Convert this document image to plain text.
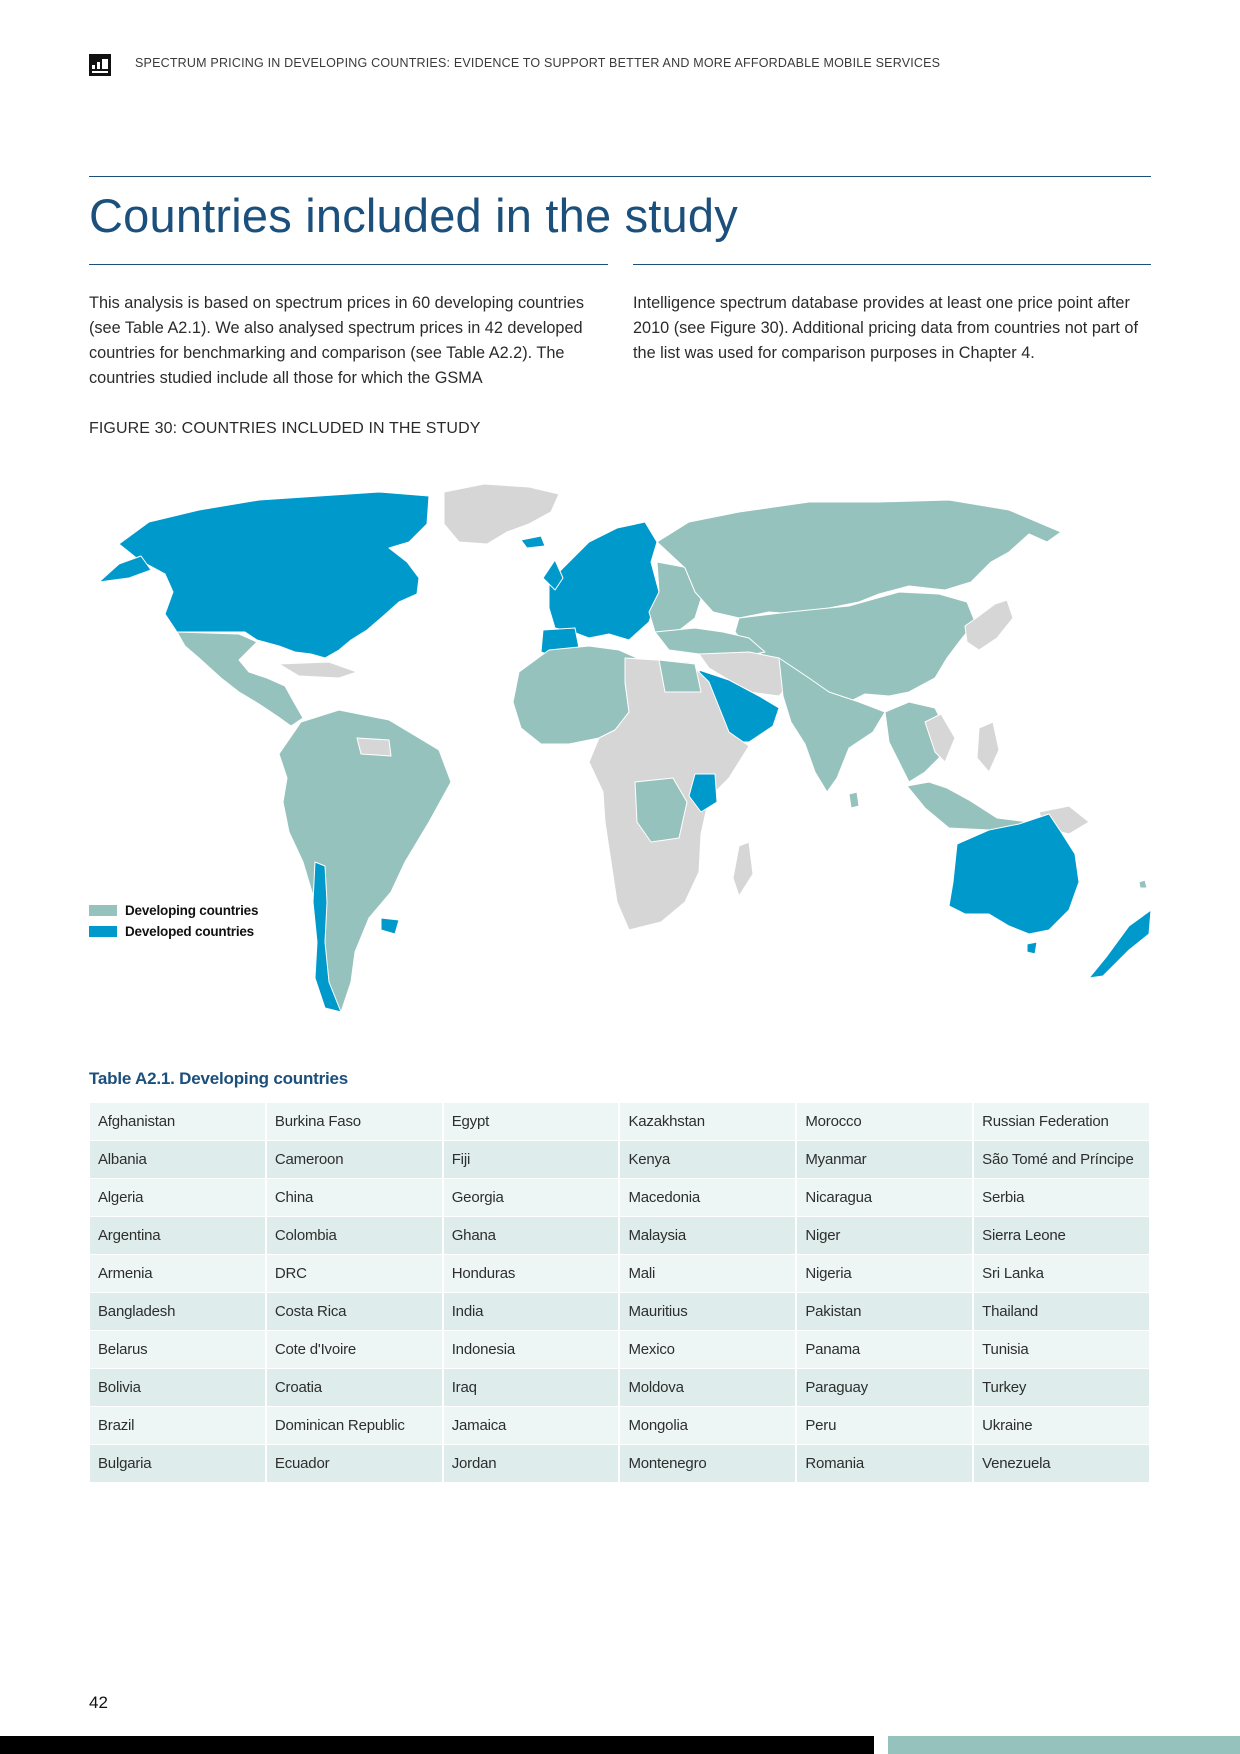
SPECTRUM PRICING IN DEVELOPING COUNTRIES: EVIDENCE TO SUPPORT BETTER AND MORE AFFORDABLE MOBILE SERVICES
Countries included in the study

This analysis is based on spectrum prices in 60 developing countries (see Table A2.1). We also analysed spectrum prices in 42 developed countries for benchmarking and comparison (see Table A2.2). The countries studied include all those for which the GSMA

Intelligence spectrum database provides at least one price point after 2010 (see Figure 30). Additional pricing data from countries not part of the list was used for comparison purposes in Chapter 4.

FIGURE 30: COUNTRIES INCLUDED IN THE STUDY
Developing countries
Developed countries
Table A2.1. Developing countries
Afghanistan	Burkina Faso	Egypt	Kazakhstan	Morocco	Russian Federation
Albania	Cameroon	Fiji	Kenya	Myanmar	São Tomé and Príncipe
Algeria	China	Georgia	Macedonia	Nicaragua	Serbia
Argentina	Colombia	Ghana	Malaysia	Niger	Sierra Leone
Armenia	DRC	Honduras	Mali	Nigeria	Sri Lanka
Bangladesh	Costa Rica	India	Mauritius	Pakistan	Thailand
Belarus	Cote d'Ivoire	Indonesia	Mexico	Panama	Tunisia
Bolivia	Croatia	Iraq	Moldova	Paraguay	Turkey
Brazil	Dominican Republic	Jamaica	Mongolia	Peru	Ukraine
Bulgaria	Ecuador	Jordan	Montenegro	Romania	Venezuela
42
